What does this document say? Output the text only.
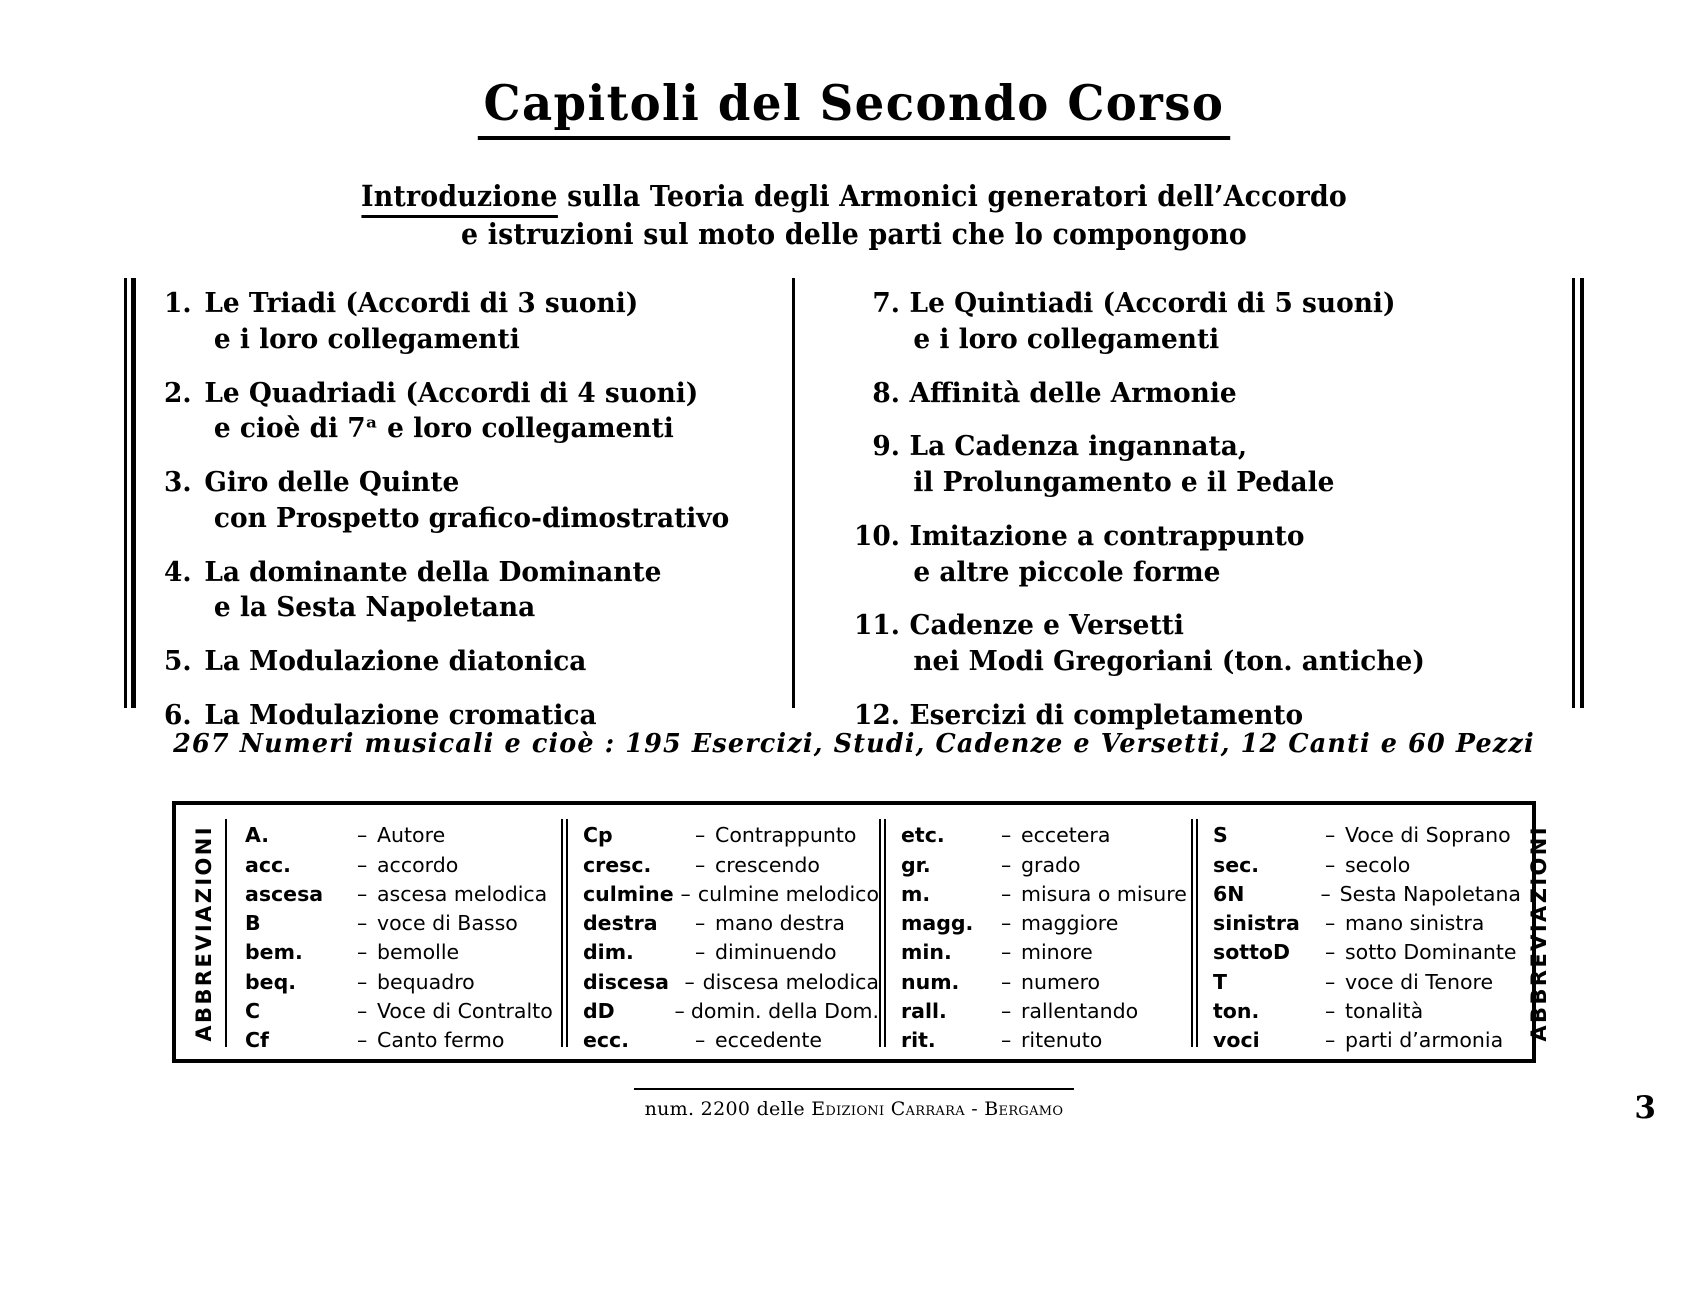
Capitoli del Secondo Corso
Introduzione sulla Teoria degli Armonici generatori dell’Accordo
e istruzioni sul moto delle parti che lo compongono
1. Le Triadi (Accordi di 3 suoni)
e i loro collegamenti
2. Le Quadriadi (Accordi di 4 suoni)
e cioè di 7ᵃ e loro collegamenti
3. Giro delle Quinte
con Prospetto grafico-dimostrativo
4. La dominante della Dominante
e la Sesta Napoletana
5. La Modulazione diatonica
6. La Modulazione cromatica
7. Le Quintiadi (Accordi di 5 suoni)
e i loro collegamenti
8. Affinità delle Armonie
9. La Cadenza ingannata,
il Prolungamento e il Pedale
10. Imitazione a contrappunto
e altre piccole forme
11. Cadenze e Versetti
nei Modi Gregoriani (ton. antiche)
12. Esercizi di completamento
267 Numeri musicali e cioè : 195 Esercizi, Studi, Cadenze e Versetti, 12 Canti e 60 Pezzi
ABBREVIAZIONI	A.	– Autore
acc.	– accordo
ascesa	– ascesa melodica
B	– voce di Basso
bem.	– bemolle
beq.	– bequadro
C	– Voce di Contralto
Cf	– Canto fermo
Cp	– Contrappunto
cresc.	– crescendo
culmine – culmine melodico
destra	– mano destra
dim.	– diminuendo
discesa – discesa melodica
dD	– domin. della Dom.
ecc.	– eccedente
etc.	– eccetera
gr.	– grado
m.	– misura o misure
magg.	– maggiore
min.	– minore
num.	– numero
rall.	– rallentando
rit.	– ritenuto
S	– Voce di Soprano
sec.	– secolo
6N	– Sesta Napoletana
sinistra	– mano sinistra
sottoD	– sotto Dominante
T	– voce di Tenore
ton.	– tonalità
voci	– parti d’armonia ABBREVIAZIONI
num. 2200 delle Edizioni Carrara - Bergamo	3
